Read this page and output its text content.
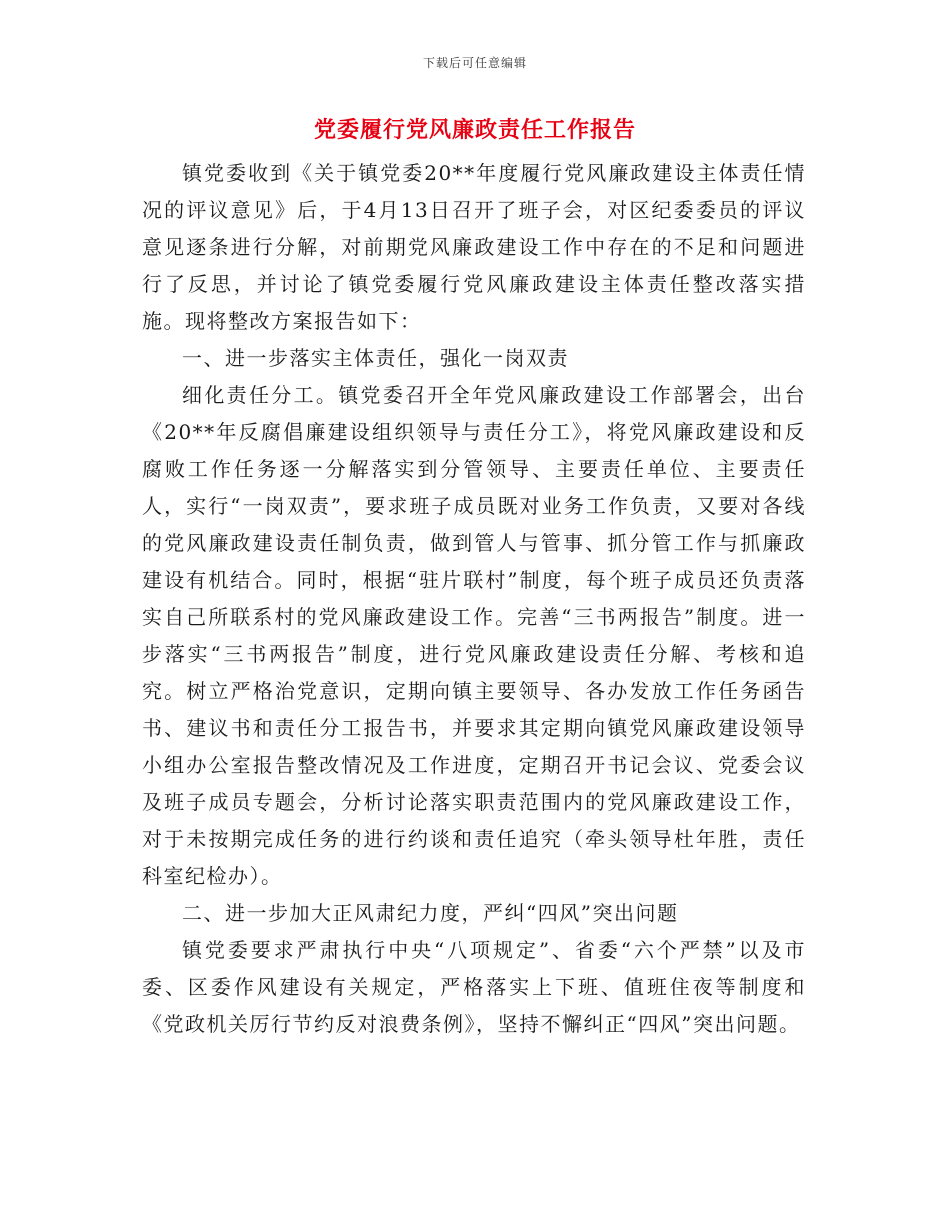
下载后可任意编辑
党委履行党风廉政责任工作报告

镇党委收到《关于镇党委20**年度履行党风廉政建设主体责任情况的评议意见》后，于4月13日召开了班子会，对区纪委委员的评议意见逐条进行分解，对前期党风廉政建设工作中存在的不足和问题进行了反思，并讨论了镇党委履行党风廉政建设主体责任整改落实措施。现将整改方案报告如下：

一、进一步落实主体责任，强化一岗双责

细化责任分工。镇党委召开全年党风廉政建设工作部署会，出台《20**年反腐倡廉建设组织领导与责任分工》，将党风廉政建设和反腐败工作任务逐一分解落实到分管领导、主要责任单位、主要责任人，实行“一岗双责”，要求班子成员既对业务工作负责，又要对各线的党风廉政建设责任制负责，做到管人与管事、抓分管工作与抓廉政建设有机结合。同时，根据“驻片联村”制度，每个班子成员还负责落实自己所联系村的党风廉政建设工作。完善“三书两报告”制度。进一步落实“三书两报告”制度，进行党风廉政建设责任分解、考核和追究。树立严格治党意识，定期向镇主要领导、各办发放工作任务函告书、建议书和责任分工报告书，并要求其定期向镇党风廉政建设领导小组办公室报告整改情况及工作进度，定期召开书记会议、党委会议及班子成员专题会，分析讨论落实职责范围内的党风廉政建设工作，对于未按期完成任务的进行约谈和责任追究（牵头领导杜年胜，责任科室纪检办）。

二、进一步加大正风肃纪力度，严纠“四风”突出问题

镇党委要求严肃执行中央“八项规定”、省委“六个严禁”以及市委、区委作风建设有关规定，严格落实上下班、值班住夜等制度和《党政机关厉行节约反对浪费条例》，坚持不懈纠正“四风”突出问题。
